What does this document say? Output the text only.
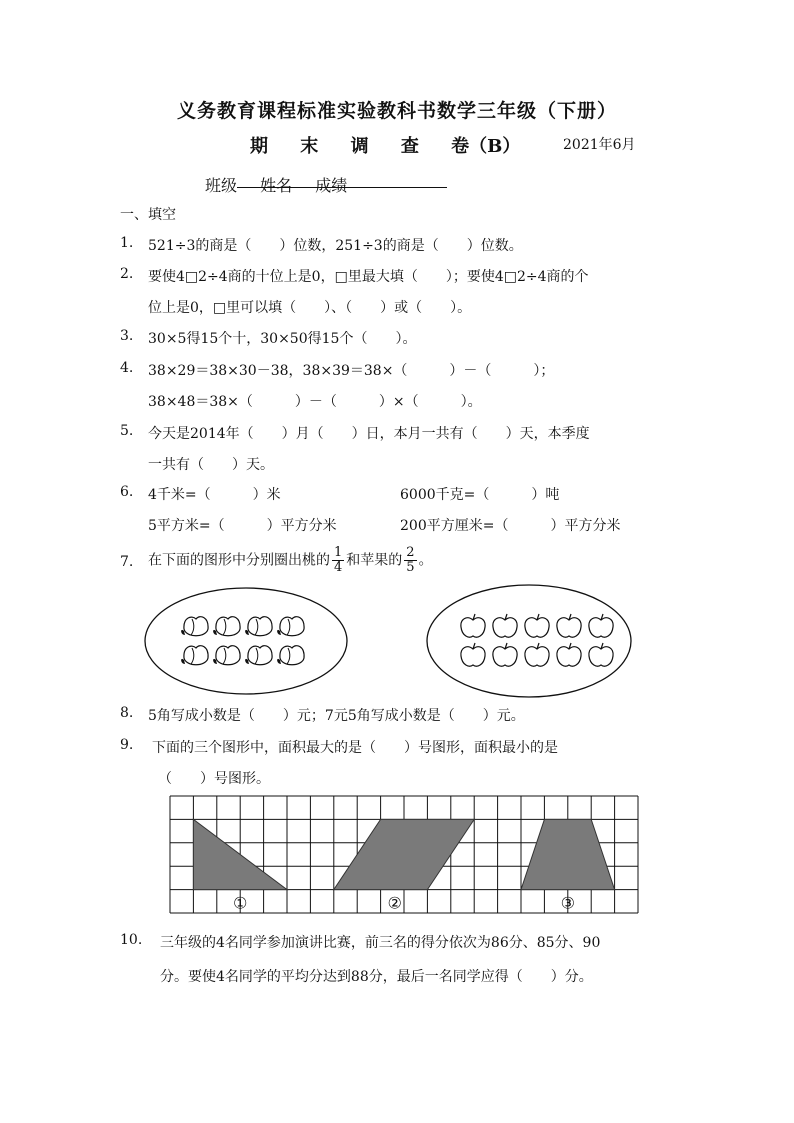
义务教育课程标准实验教科书数学三年级（下册）
期 末 调 查 卷（B）	2021年6月
班级 姓名 成绩
一、填空
1. 521÷3的商是（　　）位数，251÷3的商是（　　）位数。
2. 要使4□2÷4商的十位上是0，□里最大填（　　）；要使4□2÷4商的个
位上是0，□里可以填（　　）、（　　）或（　　）。
3. 30×5得15个十，30×50得15个（　　）。
4. 38×29＝38×30－38，38×39＝38×（　　　）－（　　　）；
38×48＝38×（　　　）－（　　　）×（　　　）。
5. 今天是2014年（　　）月（　　）日，本月一共有（　　）天，本季度
一共有（　　）天。
6. 4千米=（　　　）米	6000千克=（　　　）吨
5平方米=（　　　）平方分米	200平方厘米=（　　　）平方分米
7. 在下面的图形中分别圈出桃的 $\frac{1}{4}$ 和苹果的 $\frac{2}{5}$ 。
①	②	③
8. 5角写成小数是（　　）元；7元5角写成小数是（　　）元。
9. 下面的三个图形中，面积最大的是（　　）号图形，面积最小的是
（　　）号图形。
10. 三年级的4名同学参加演讲比赛，前三名的得分依次为86分、85分、90
分。要使4名同学的平均分达到88分，最后一名同学应得（　　）分。
